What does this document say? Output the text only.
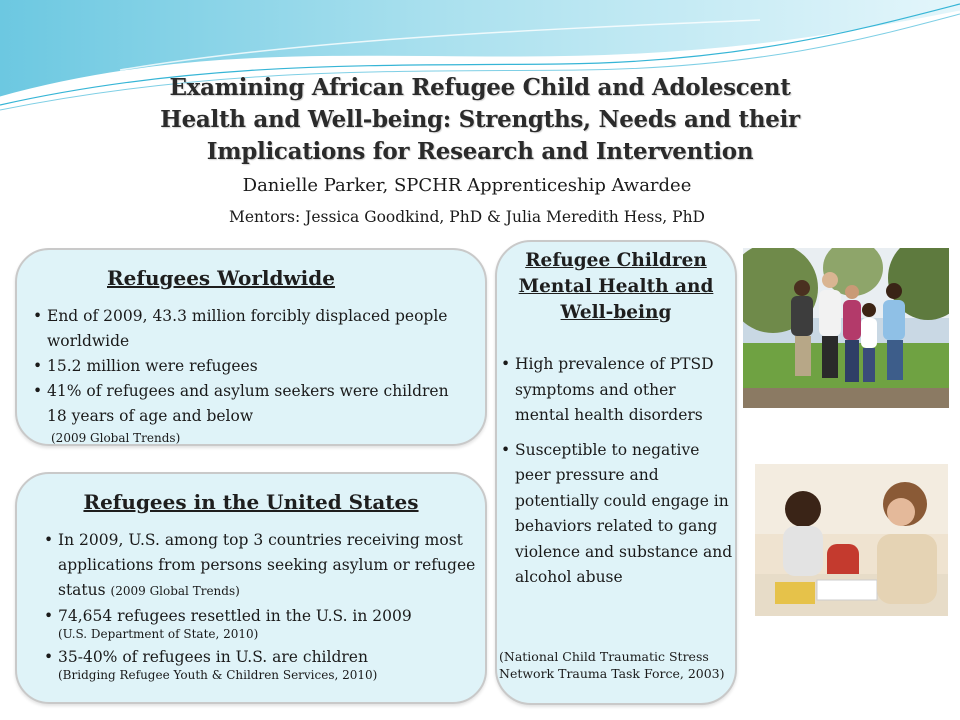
Examining African Refugee Child and Adolescent
Health and Well-being: Strengths, Needs and their
Implications for Research and Intervention
Danielle Parker, SPCHR Apprenticeship Awardee
Mentors: Jessica Goodkind, PhD & Julia Meredith Hess, PhD
Refugees Worldwide
• End of 2009, 43.3 million forcibly displaced people worldwide
• 15.2 million were refugees
• 41% of refugees and asylum seekers were children 18 years of age and below
(2009 Global Trends)
Refugees in the United States
• In 2009, U.S. among top 3 countries receiving most applications from persons seeking asylum or refugee status (2009 Global Trends)
• 74,654 refugees resettled in the U.S. in 2009
(U.S. Department of State, 2010)
• 35-40% of refugees in U.S. are children
(Bridging Refugee Youth & Children Services, 2010)
Refugee Children
Mental Health and
Well-being
• High prevalence of PTSD symptoms and other mental health disorders
• Susceptible to negative peer pressure and potentially could engage in behaviors related to gang violence and substance and alcohol abuse
(National Child Traumatic Stress Network Trauma Task Force, 2003)
